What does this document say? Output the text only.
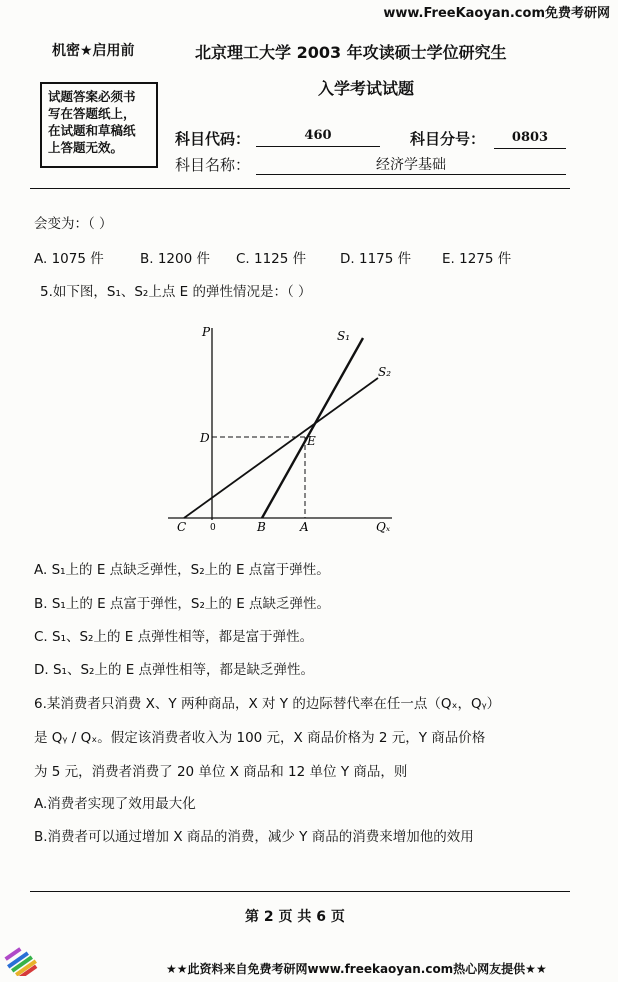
www.FreeKaoyan.com免费考研网
机密★启用前	北京理工大学 2003 年攻读硕士学位研究生
入学考试试题
试题答案必须书
写在答题纸上，
在试题和草稿纸
上答题无效。	科目代码：	460	科目分号：	0803
科目名称：	经济学基础
会变为：（ ）
A. 1075 件	B. 1200 件 C. 1125 件	D. 1175 件 E. 1275 件
5.如下图，S₁、S₂上点 E 的弹性情况是：（ ）
P	S₁
S₂
D	E
C	0	B	A	Qₓ
A. S₁上的 E 点缺乏弹性，S₂上的 E 点富于弹性。
B. S₁上的 E 点富于弹性，S₂上的 E 点缺乏弹性。
C. S₁、S₂上的 E 点弹性相等，都是富于弹性。
D. S₁、S₂上的 E 点弹性相等，都是缺乏弹性。
6.某消费者只消费 X、Y 两种商品，X 对 Y 的边际替代率在任一点（Qₓ，Qᵧ）
是 Qᵧ / Qₓ。假定该消费者收入为 100 元，X 商品价格为 2 元，Y 商品价格
为 5 元，消费者消费了 20 单位 X 商品和 12 单位 Y 商品，则
A.消费者实现了效用最大化
B.消费者可以通过增加 X 商品的消费，减少 Y 商品的消费来增加他的效用
第 2 页 共 6 页
★★此资料来自免费考研网www.freekaoyan.com热心网友提供★★
